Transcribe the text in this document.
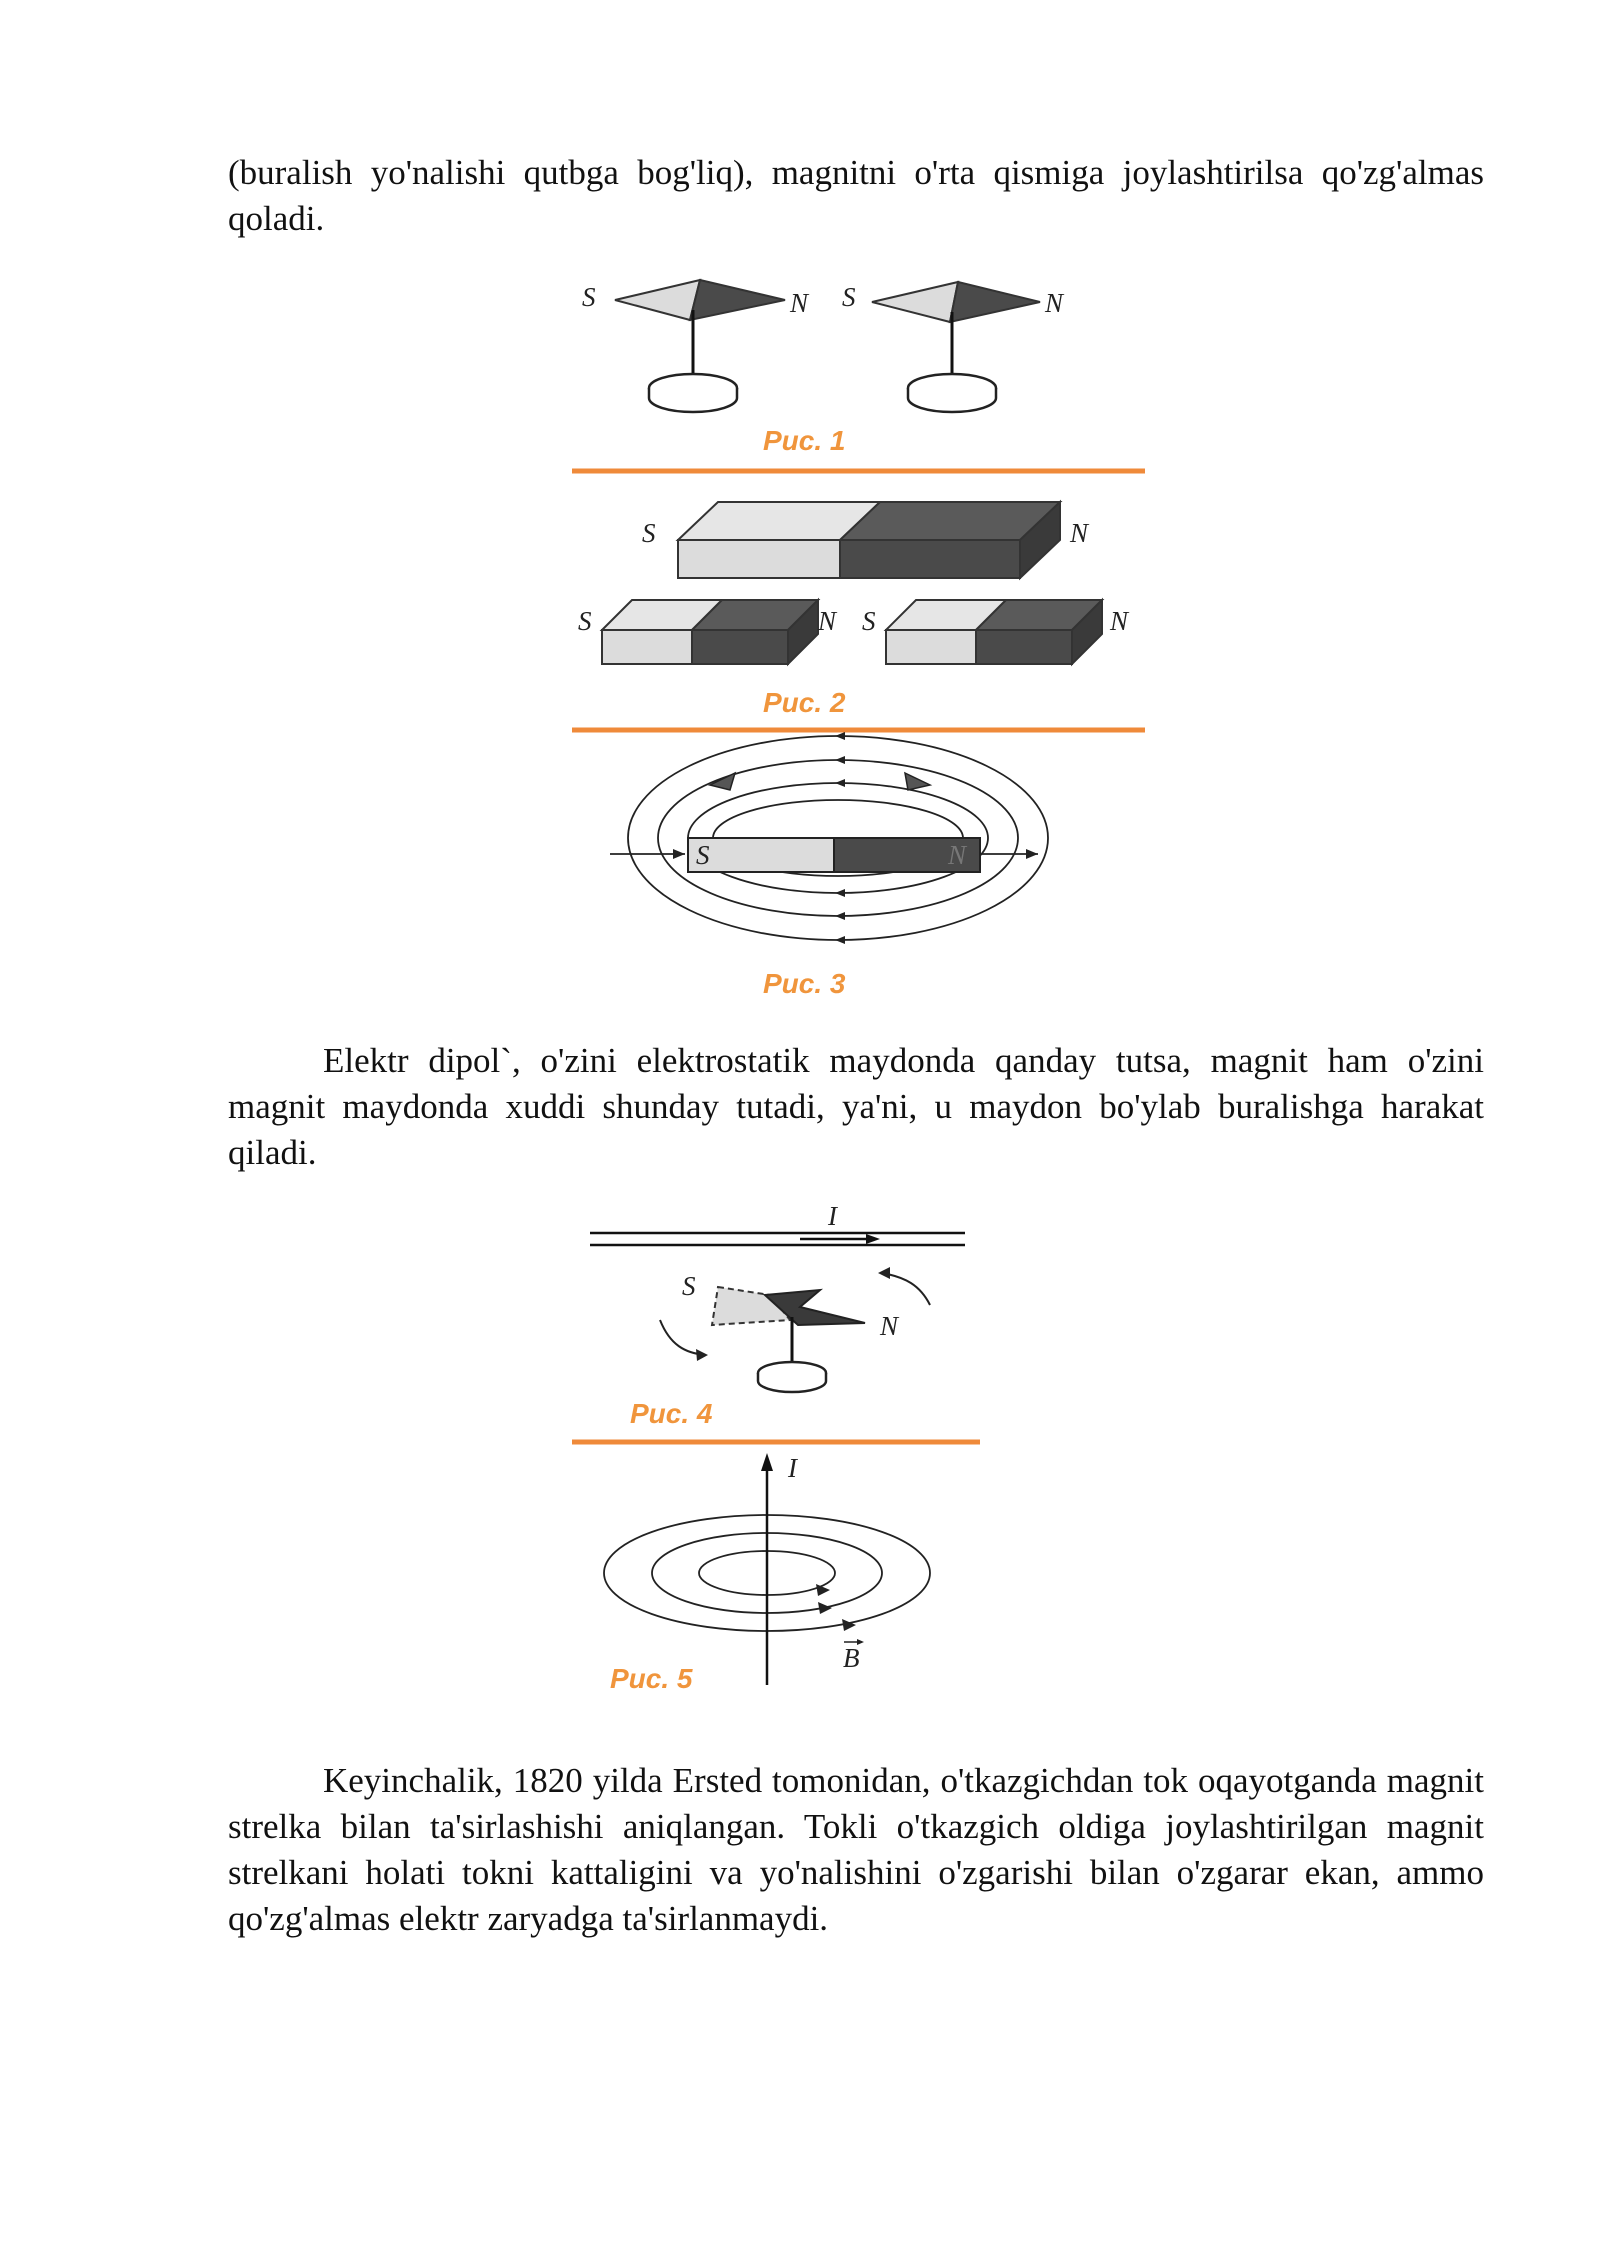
(buralish yo'nalishi qutbga bog'liq), magnitni o'rta qismiga joylashtirilsa qo'zg'almas qoladi.

S	N S	N
Рис. 1
S	N
S	N S	N
Рис. 2
S	N
Рис. 3

Elektr dipol`, o'zini elektrostatik maydonda qanday tutsa, magnit ham o'zini magnit maydonda xuddi shunday tutadi, ya'ni, u maydon bo'ylab buralishga harakat qiladi.

I
S
N
Рис. 4
I
B
Рис. 5

Keyinchalik, 1820 yilda Ersted tomonidan, o'tkazgichdan tok oqayotganda magnit strelka bilan ta'sirlashishi aniqlangan. Tokli o'tkazgich oldiga joylashtirilgan magnit strelkani holati tokni kattaligini va yo'nalishini o'zgarishi bilan o'zgarar ekan, ammo qo'zg'almas elektr zaryadga ta'sirlanmaydi.
